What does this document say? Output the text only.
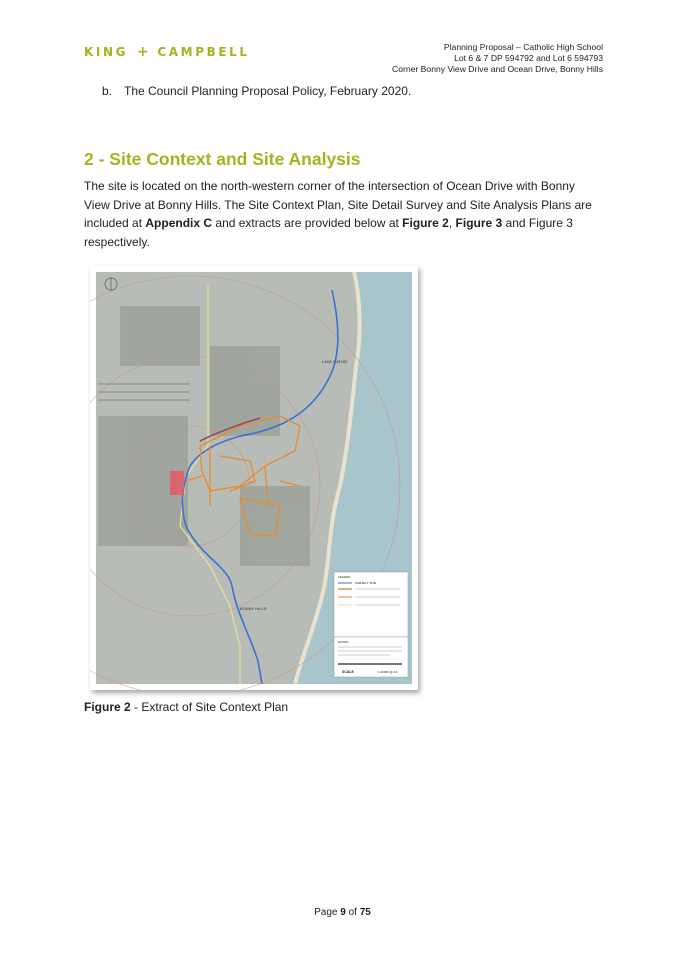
KING + CAMPBELL	Planning Proposal – Catholic High School
Lot 6 & 7 DP 594792 and Lot 6 594793
Corner Bonny View Drive and Ocean Drive, Bonny Hills
b. The Council Planning Proposal Policy, February 2020.
2 - Site Context and Site Analysis
The site is located on the north-western corner of the intersection of Ocean Drive with Bonny View Drive at Bonny Hills. The Site Context Plan, Site Detail Survey and Site Analysis Plans are included at Appendix C and extracts are provided below at Figure 2, Figure 3 and Figure 3 respectively.
LAKE CATHIE
BONNY HILLS
LEGEND
SUBJECT SITE
NOTES
SCALE	1:20000 @ A3
Figure 2 - Extract of Site Context Plan
Page 9 of 75
